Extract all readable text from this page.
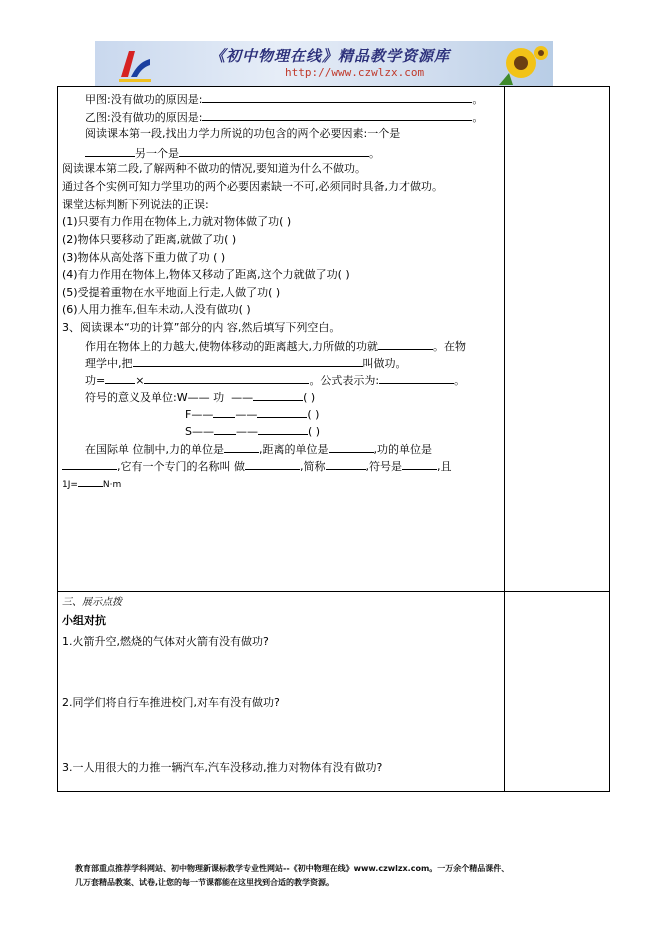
《初中物理在线》精品教学资源库
http://www.czwlzx.com

甲图:没有做功的原因是:	。
乙图:没有做功的原因是:	。
阅读课本第一段,找出力学力所说的功包含的两个必要因素:一个是
另一个是	。
阅读课本第二段,了解两种不做功的情况,要知道为什么不做功。
通过各个实例可知力学里功的两个必要因素缺一不可,必须同时具备,力才做功。
课堂达标判断下列说法的正误:
(1)只要有力作用在物体上,力就对物体做了功( )
(2)物体只要移动了距离,就做了功( )
(3)物体从高处落下重力做了功 ( )
(4)有力作用在物体上,物体又移动了距离,这个力就做了功( )
(5)受提着重物在水平地面上行走,人做了功( )
(6)人用力推车,但车未动,人没有做功( )
3、阅读课本“功的计算”部分的内 容,然后填写下列空白。
作用在物体上的力越大,使物体移动的距离越大,力所做的功就	。在物
理学中,把	叫做功。
功=	×	。公式表示为:	。
符号的意义及单位:W—— 功  ——	( )
F—— ——	( )
S—— ——	( )
在国际单 位制中,力的单位是	,距离的单位是	,功的单位是
,它有一个专门的名称叫 做	,简称	,符号是	,且
1J=	N·m
三、展示点拨
小组对抗
1.火箭升空,燃烧的气体对火箭有没有做功?
2.同学们将自行车推进校门,对车有没有做功?
3.一人用很大的力推一辆汽车,汽车没移动,推力对物体有没有做功?
教育部重点推荐学科网站、初中物理新课标教学专业性网站--《初中物理在线》www.czwlzx.com。一万余个精品课件、
几万套精品教案、试卷,让您的每一节课都能在这里找到合适的教学资源。
